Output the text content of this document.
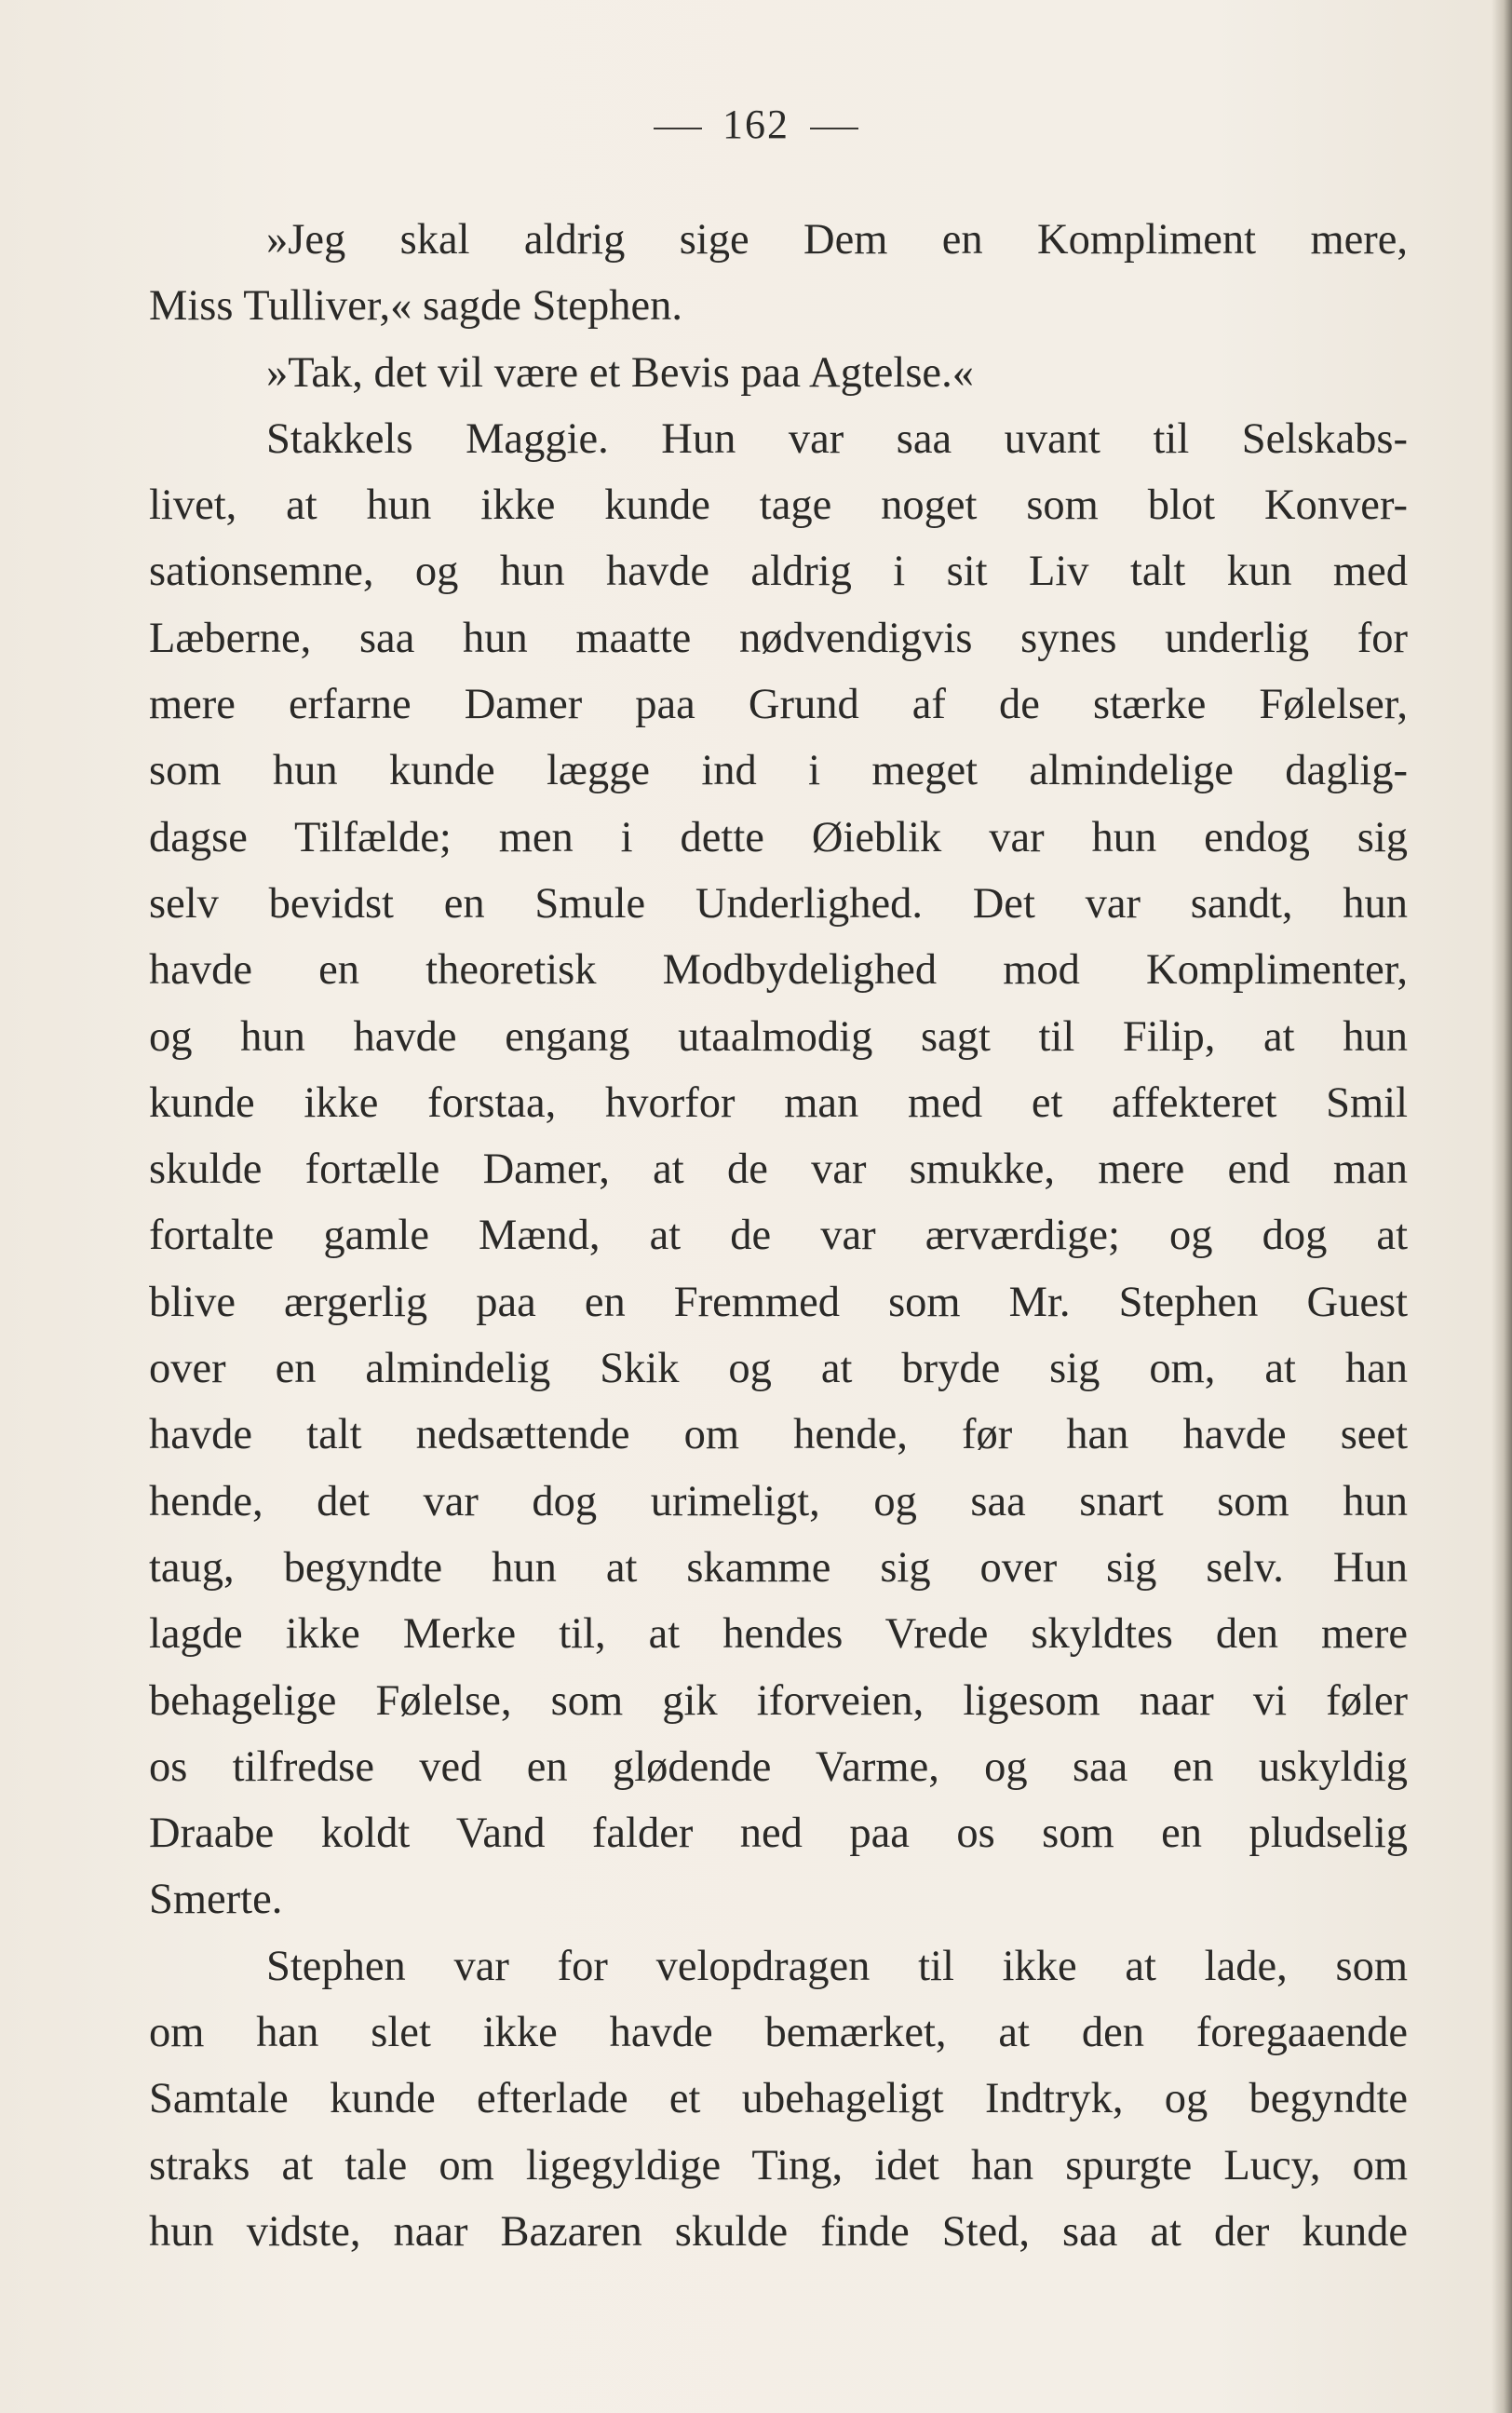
162
»Jeg skal aldrig sige Dem en Kompliment mere,
Miss Tulliver,« sagde Stephen.
»Tak, det vil være et Bevis paa Agtelse.«
Stakkels Maggie. Hun var saa uvant til Selskabs-
livet, at hun ikke kunde tage noget som blot Konver-
sationsemne, og hun havde aldrig i sit Liv talt kun med
Læberne, saa hun maatte nødvendigvis synes underlig for
mere erfarne Damer paa Grund af de stærke Følelser,
som hun kunde lægge ind i meget almindelige daglig-
dagse Tilfælde; men i dette Øieblik var hun endog sig
selv bevidst en Smule Underlighed. Det var sandt, hun
havde en theoretisk Modbydelighed mod Komplimenter,
og hun havde engang utaalmodig sagt til Filip, at hun
kunde ikke forstaa, hvorfor man med et affekteret Smil
skulde fortælle Damer, at de var smukke, mere end man
fortalte gamle Mænd, at de var ærværdige; og dog at
blive ærgerlig paa en Fremmed som Mr. Stephen Guest
over en almindelig Skik og at bryde sig om, at han
havde talt nedsættende om hende, før han havde seet
hende, det var dog urimeligt, og saa snart som hun
taug, begyndte hun at skamme sig over sig selv. Hun
lagde ikke Merke til, at hendes Vrede skyldtes den mere
behagelige Følelse, som gik iforveien, ligesom naar vi føler
os tilfredse ved en glødende Varme, og saa en uskyldig
Draabe koldt Vand falder ned paa os som en pludselig
Smerte.
Stephen var for velopdragen til ikke at lade, som
om han slet ikke havde bemærket, at den foregaaende
Samtale kunde efterlade et ubehageligt Indtryk, og begyndte
straks at tale om ligegyldige Ting, idet han spurgte Lucy, om
hun vidste, naar Bazaren skulde finde Sted, saa at der kunde
